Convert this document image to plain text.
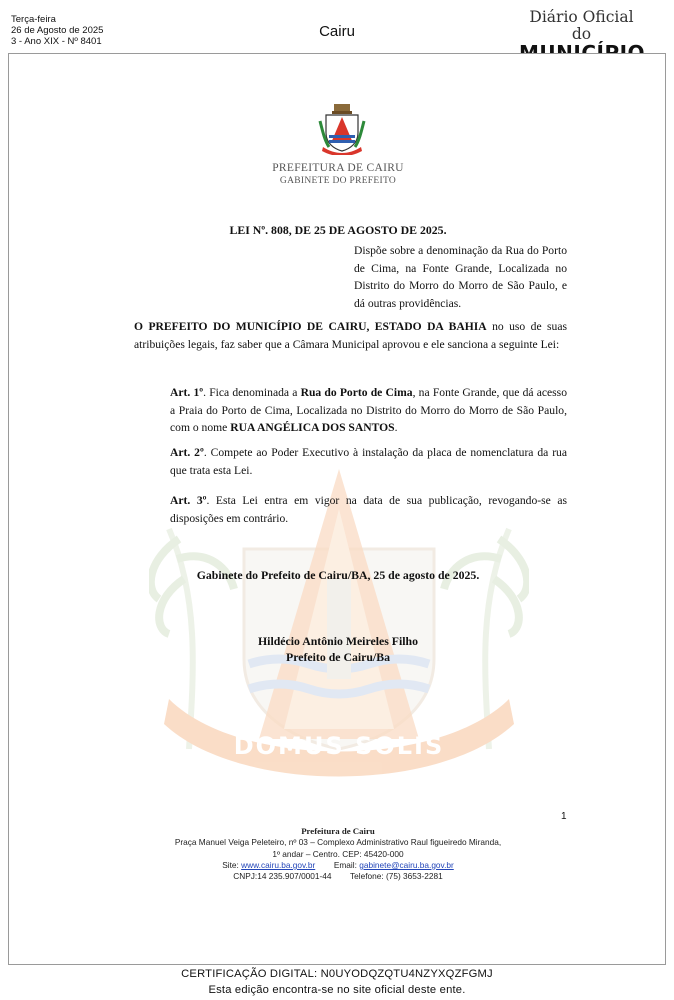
Terça-feira
26 de Agosto de 2025
3 - Ano XIX - Nº 8401
Cairu
Diário Oficial do
DOMUS SOLIS
PREFEITURA DE CAIRU
GABINETE DO PREFEITO
LEI Nº. 808, DE 25 DE AGOSTO DE 2025.
Dispõe sobre a denominação da Rua do Porto de Cima, na Fonte Grande, Localizada no Distrito do Morro do Morro de São Paulo, e dá outras providências.
O PREFEITO DO MUNICÍPIO DE CAIRU, ESTADO DA BAHIA no uso de suas atribuições legais, faz saber que a Câmara Municipal aprovou e ele sanciona a seguinte Lei:
Art. 1º. Fica denominada a Rua do Porto de Cima, na Fonte Grande, que dá acesso a Praia do Porto de Cima, Localizada no Distrito do Morro do Morro de São Paulo, com o nome RUA ANGÉLICA DOS SANTOS.
Art. 2º. Compete ao Poder Executivo à instalação da placa de nomenclatura da rua que trata esta Lei.
Art. 3º. Esta Lei entra em vigor na data de sua publicação, revogando-se as disposições em contrário.
Gabinete do Prefeito de Cairu/BA, 25 de agosto de 2025.
Hildécio Antônio Meireles Filho
Prefeito de Cairu/Ba
1
Prefeitura de Cairu
Praça Manuel Veiga Peleteiro, nº 03 – Complexo Administrativo Raul figueiredo Miranda,
1º andar – Centro. CEP: 45420-000
Site: www.cairu.ba.gov.br Email: gabinete@cairu.ba.gov.br
CNPJ:14 235.907/0001-44 Telefone: (75) 3653-2281
CERTIFICAÇÃO DIGITAL: N0UYODQZQTU4NZYXQZFGMJ
Esta edição encontra-se no site oficial deste ente.
